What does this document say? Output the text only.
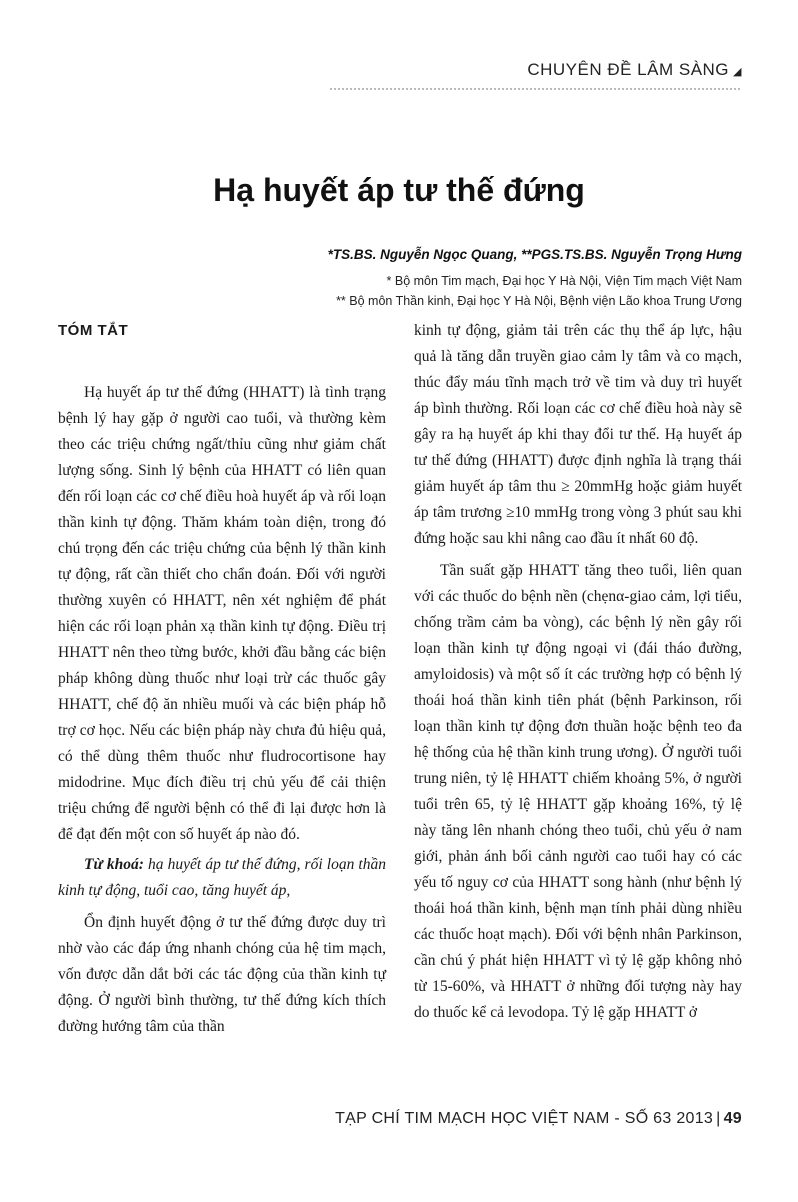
CHUYÊN ĐỀ LÂM SÀNG ◢
Hạ huyết áp tư thế đứng
*TS.BS. Nguyễn Ngọc Quang, **PGS.TS.BS. Nguyễn Trọng Hưng
* Bộ môn Tim mạch, Đại học Y Hà Nội, Viện Tim mạch Việt Nam
** Bộ môn Thần kinh, Đại học Y Hà Nội, Bệnh viện Lão khoa Trung Ương
TÓM TẮT

Hạ huyết áp tư thế đứng (HHATT) là tình trạng bệnh lý hay gặp ở người cao tuổi, và thường kèm theo các triệu chứng ngất/thỉu cũng như giảm chất lượng sống. Sinh lý bệnh của HHATT có liên quan đến rối loạn các cơ chế điều hoà huyết áp và rối loạn thần kinh tự động. Thăm khám toàn diện, trong đó chú trọng đến các triệu chứng của bệnh lý thần kinh tự động, rất cần thiết cho chẩn đoán. Đối với người thường xuyên có HHATT, nên xét nghiệm để phát hiện các rối loạn phản xạ thần kinh tự động. Điều trị HHATT nên theo từng bước, khởi đầu bằng các biện pháp không dùng thuốc như loại trừ các thuốc gây HHATT, chế độ ăn nhiều muối và các biện pháp hỗ trợ cơ học. Nếu các biện pháp này chưa đủ hiệu quả, có thể dùng thêm thuốc như fludrocortisone hay midodrine. Mục đích điều trị chủ yếu để cải thiện triệu chứng để người bệnh có thể đi lại được hơn là để đạt đến một con số huyết áp nào đó.

Từ khoá: hạ huyết áp tư thế đứng, rối loạn thần kinh tự động, tuổi cao, tăng huyết áp,

Ổn định huyết động ở tư thế đứng được duy trì nhờ vào các đáp ứng nhanh chóng của hệ tim mạch, vốn được dẫn dắt bởi các tác động của thần kinh tự động. Ở người bình thường, tư thế đứng kích thích đường hướng tâm của thần

kinh tự động, giảm tải trên các thụ thể áp lực, hậu quả là tăng dẫn truyền giao cảm ly tâm và co mạch, thúc đẩy máu tĩnh mạch trở về tim và duy trì huyết áp bình thường. Rối loạn các cơ chế điều hoà này sẽ gây ra hạ huyết áp khi thay đổi tư thế. Hạ huyết áp tư thế đứng (HHATT) được định nghĩa là trạng thái giảm huyết áp tâm thu ≥ 20mmHg hoặc giảm huyết áp tâm trương ≥10 mmHg trong vòng 3 phút sau khi đứng hoặc sau khi nâng cao đầu ít nhất 60 độ.

Tần suất gặp HHATT tăng theo tuổi, liên quan với các thuốc do bệnh nền (chẹnα-giao cảm, lợi tiểu, chống trầm cảm ba vòng), các bệnh lý nền gây rối loạn thần kinh tự động ngoại vi (đái tháo đường, amyloidosis) và một số ít các trường hợp có bệnh lý thoái hoá thần kinh tiên phát (bệnh Parkinson, rối loạn thần kinh tự động đơn thuần hoặc bệnh teo đa hệ thống của hệ thần kinh trung ương). Ở người tuổi trung niên, tỷ lệ HHATT chiếm khoảng 5%, ở người tuổi trên 65, tỷ lệ HHATT gặp khoảng 16%, tỷ lệ này tăng lên nhanh chóng theo tuổi, chủ yếu ở nam giới, phản ánh bối cảnh người cao tuổi hay có các yếu tố nguy cơ của HHATT song hành (như bệnh lý thoái hoá thần kinh, bệnh mạn tính phải dùng nhiều các thuốc hoạt mạch). Đối với bệnh nhân Parkinson, cần chú ý phát hiện HHATT vì tỷ lệ gặp không nhỏ từ 15-60%, và HHATT ở những đối tượng này hay do thuốc kể cả levodopa. Tỷ lệ gặp HHATT ở

TẠP CHÍ TIM MẠCH HỌC VIỆT NAM - SỐ 63 2013 | 49
